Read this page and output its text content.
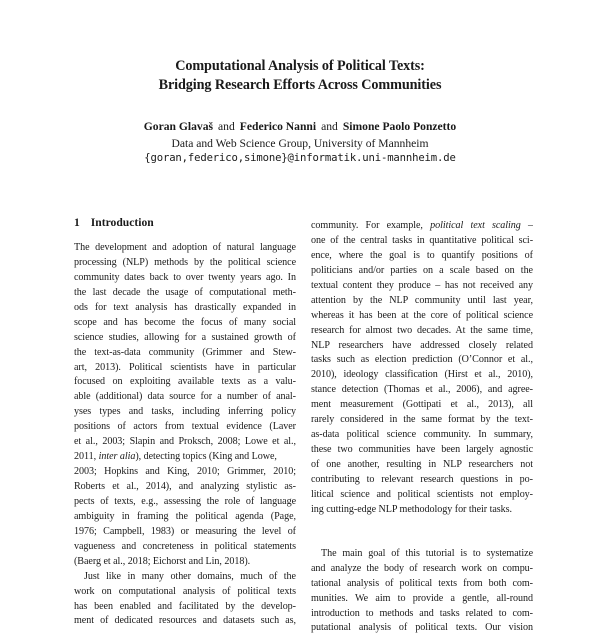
Computational Analysis of Political Texts:
Bridging Research Efforts Across Communities
Goran Glavaš and Federico Nanni and Simone Paolo Ponzetto
Data and Web Science Group, University of Mannheim
{goran,federico,simone}@informatik.uni-mannheim.de
1 Introduction
The development and adoption of natural language
processing (NLP) methods by the political science
community dates back to over twenty years ago. In
the last decade the usage of computational meth-
ods for text analysis has drastically expanded in
scope and has become the focus of many social
science studies, allowing for a sustained growth of
the text-as-data community (Grimmer and Stew-
art, 2013). Political scientists have in particular
focused on exploiting available texts as a valu-
able (additional) data source for a number of anal-
yses types and tasks, including inferring policy
positions of actors from textual evidence (Laver
et al., 2003; Slapin and Proksch, 2008; Lowe et al.,
2011, inter alia), detecting topics (King and Lowe,
2003; Hopkins and King, 2010; Grimmer, 2010;
Roberts et al., 2014), and analyzing stylistic as-
pects of texts, e.g., assessing the role of language
ambiguity in framing the political agenda (Page,
1976; Campbell, 1983) or measuring the level of
vagueness and concreteness in political statements
(Baerg et al., 2018; Eichorst and Lin, 2018).
Just like in many other domains, much of the
work on computational analysis of political texts
has been enabled and facilitated by the develop-
ment of dedicated resources and datasets such as,
community. For example, political text scaling –
one of the central tasks in quantitative political sci-
ence, where the goal is to quantify positions of
politicians and/or parties on a scale based on the
textual content they produce – has not received any
attention by the NLP community until last year,
whereas it has been at the core of political science
research for almost two decades. At the same time,
NLP researchers have addressed closely related
tasks such as election prediction (O’Connor et al.,
2010), ideology classification (Hirst et al., 2010),
stance detection (Thomas et al., 2006), and agree-
ment measurement (Gottipati et al., 2013), all
rarely considered in the same format by the text-
as-data political science community. In summary,
these two communities have been largely agnostic
of one another, resulting in NLP researchers not
contributing to relevant research questions in po-
litical science and political scientists not employ-
ing cutting-edge NLP methodology for their tasks.
The main goal of this tutorial is to systematize
and analyze the body of research work on compu-
tational analysis of political texts from both com-
munities. We aim to provide a gentle, all-round
introduction to methods and tasks related to com-
putational analysis of political texts. Our vision
